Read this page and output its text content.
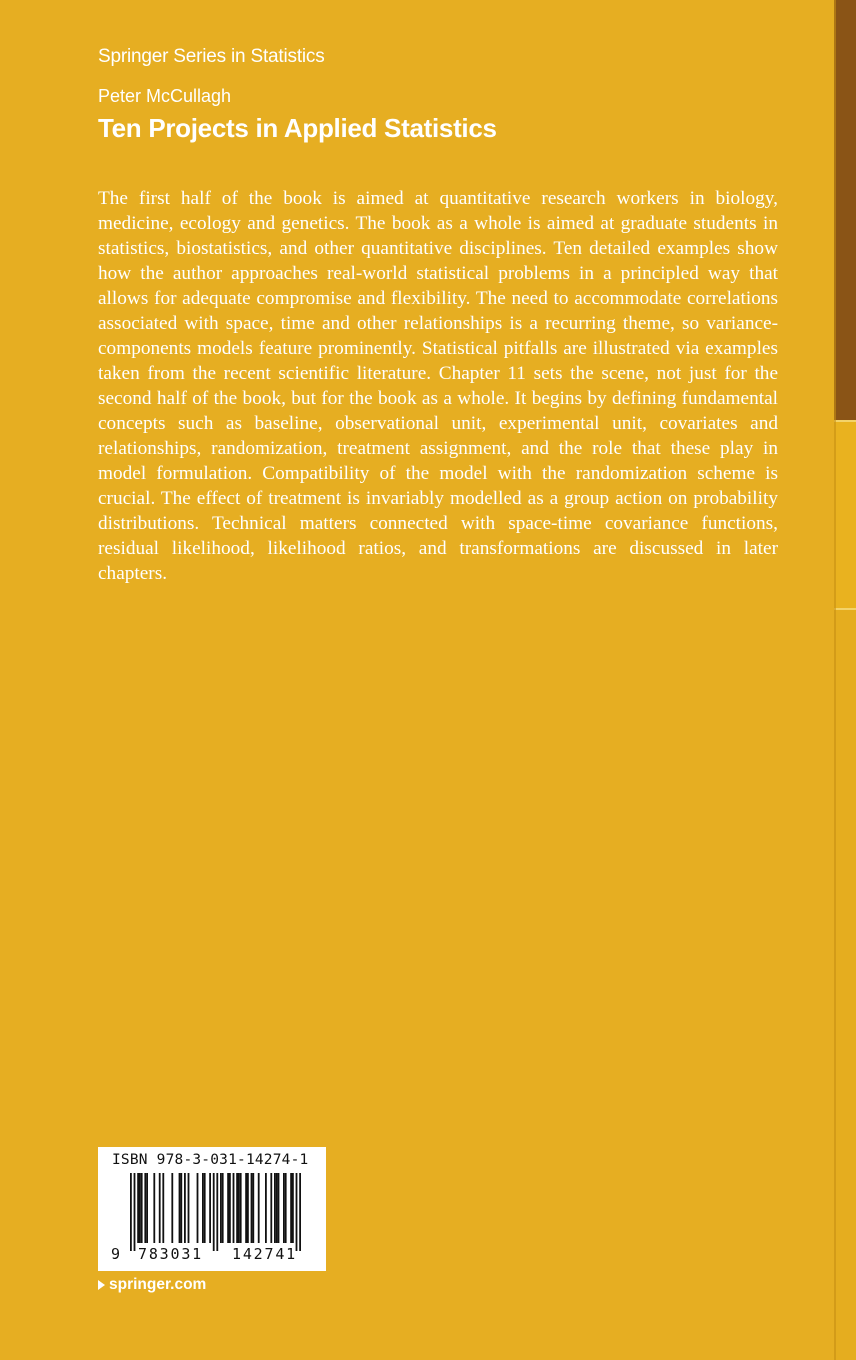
Springer Series in Statistics
Peter McCullagh
Ten Projects in Applied Statistics

The first half of the book is aimed at quantitative research workers in biology, medicine, ecology and genetics. The book as a whole is aimed at graduate students in statistics, biostatistics, and other quantitative disciplines. Ten detailed examples show how the author approaches real-world statistical problems in a principled way that allows for adequate compromise and flexibility. The need to accommodate correlations associated with space, time and other relationships is a recurring theme, so variance-components models feature prominently. Statistical pitfalls are illustrated via examples taken from the recent scientific literature. Chapter 11 sets the scene, not just for the second half of the book, but for the book as a whole. It begins by defining fundamental concepts such as baseline, observational unit, experimental unit, covariates and relationships, randomization, treatment assignment, and the role that these play in model formulation. Compatibility of the model with the randomization scheme is crucial. The effect of treatment is invariably modelled as a group action on probability distributions. Technical matters connected with space-time covariance functions, residual likelihood, likelihood ratios, and transformations are discussed in later chapters.

ISBN 978-3-031-14274-1
9 783031 142741
springer.com
